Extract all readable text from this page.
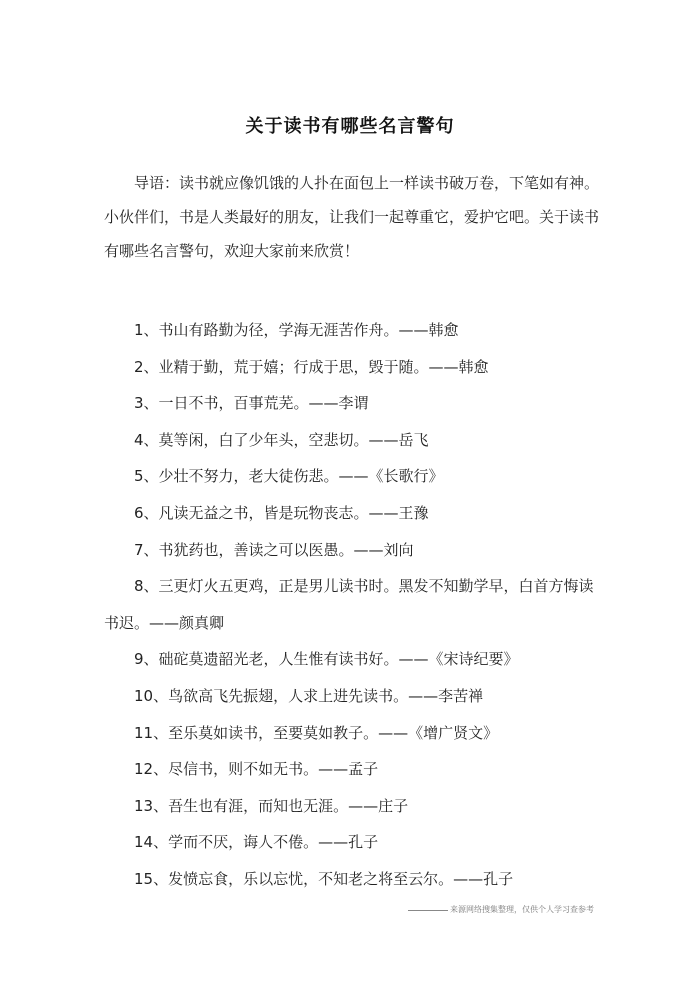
关于读书有哪些名言警句
导语：读书就应像饥饿的人扑在面包上一样读书破万卷，下笔如有神。小伙伴们，书是人类最好的朋友，让我们一起尊重它，爱护它吧。关于读书有哪些名言警句，欢迎大家前来欣赏！
1、书山有路勤为径，学海无涯苦作舟。——韩愈
2、业精于勤，荒于嬉；行成于思，毁于随。——韩愈
3、一日不书，百事荒芜。——李谓
4、莫等闲，白了少年头，空悲切。——岳飞
5、少壮不努力，老大徒伤悲。——《长歌行》
6、凡读无益之书，皆是玩物丧志。——王豫
7、书犹药也，善读之可以医愚。——刘向
8、三更灯火五更鸡，正是男儿读书时。黑发不知勤学早，白首方悔读书迟。——颜真卿
9、础砣莫遗韶光老，人生惟有读书好。——《宋诗纪要》
10、鸟欲高飞先振翅，人求上进先读书。——李苦禅
11、至乐莫如读书，至要莫如教子。——《增广贤文》
12、尽信书，则不如无书。——孟子
13、吾生也有涯，而知也无涯。——庄子
14、学而不厌，诲人不倦。——孔子
15、发愤忘食，乐以忘忧，不知老之将至云尔。——孔子
来源网络搜集整理，仅供个人学习查参考
